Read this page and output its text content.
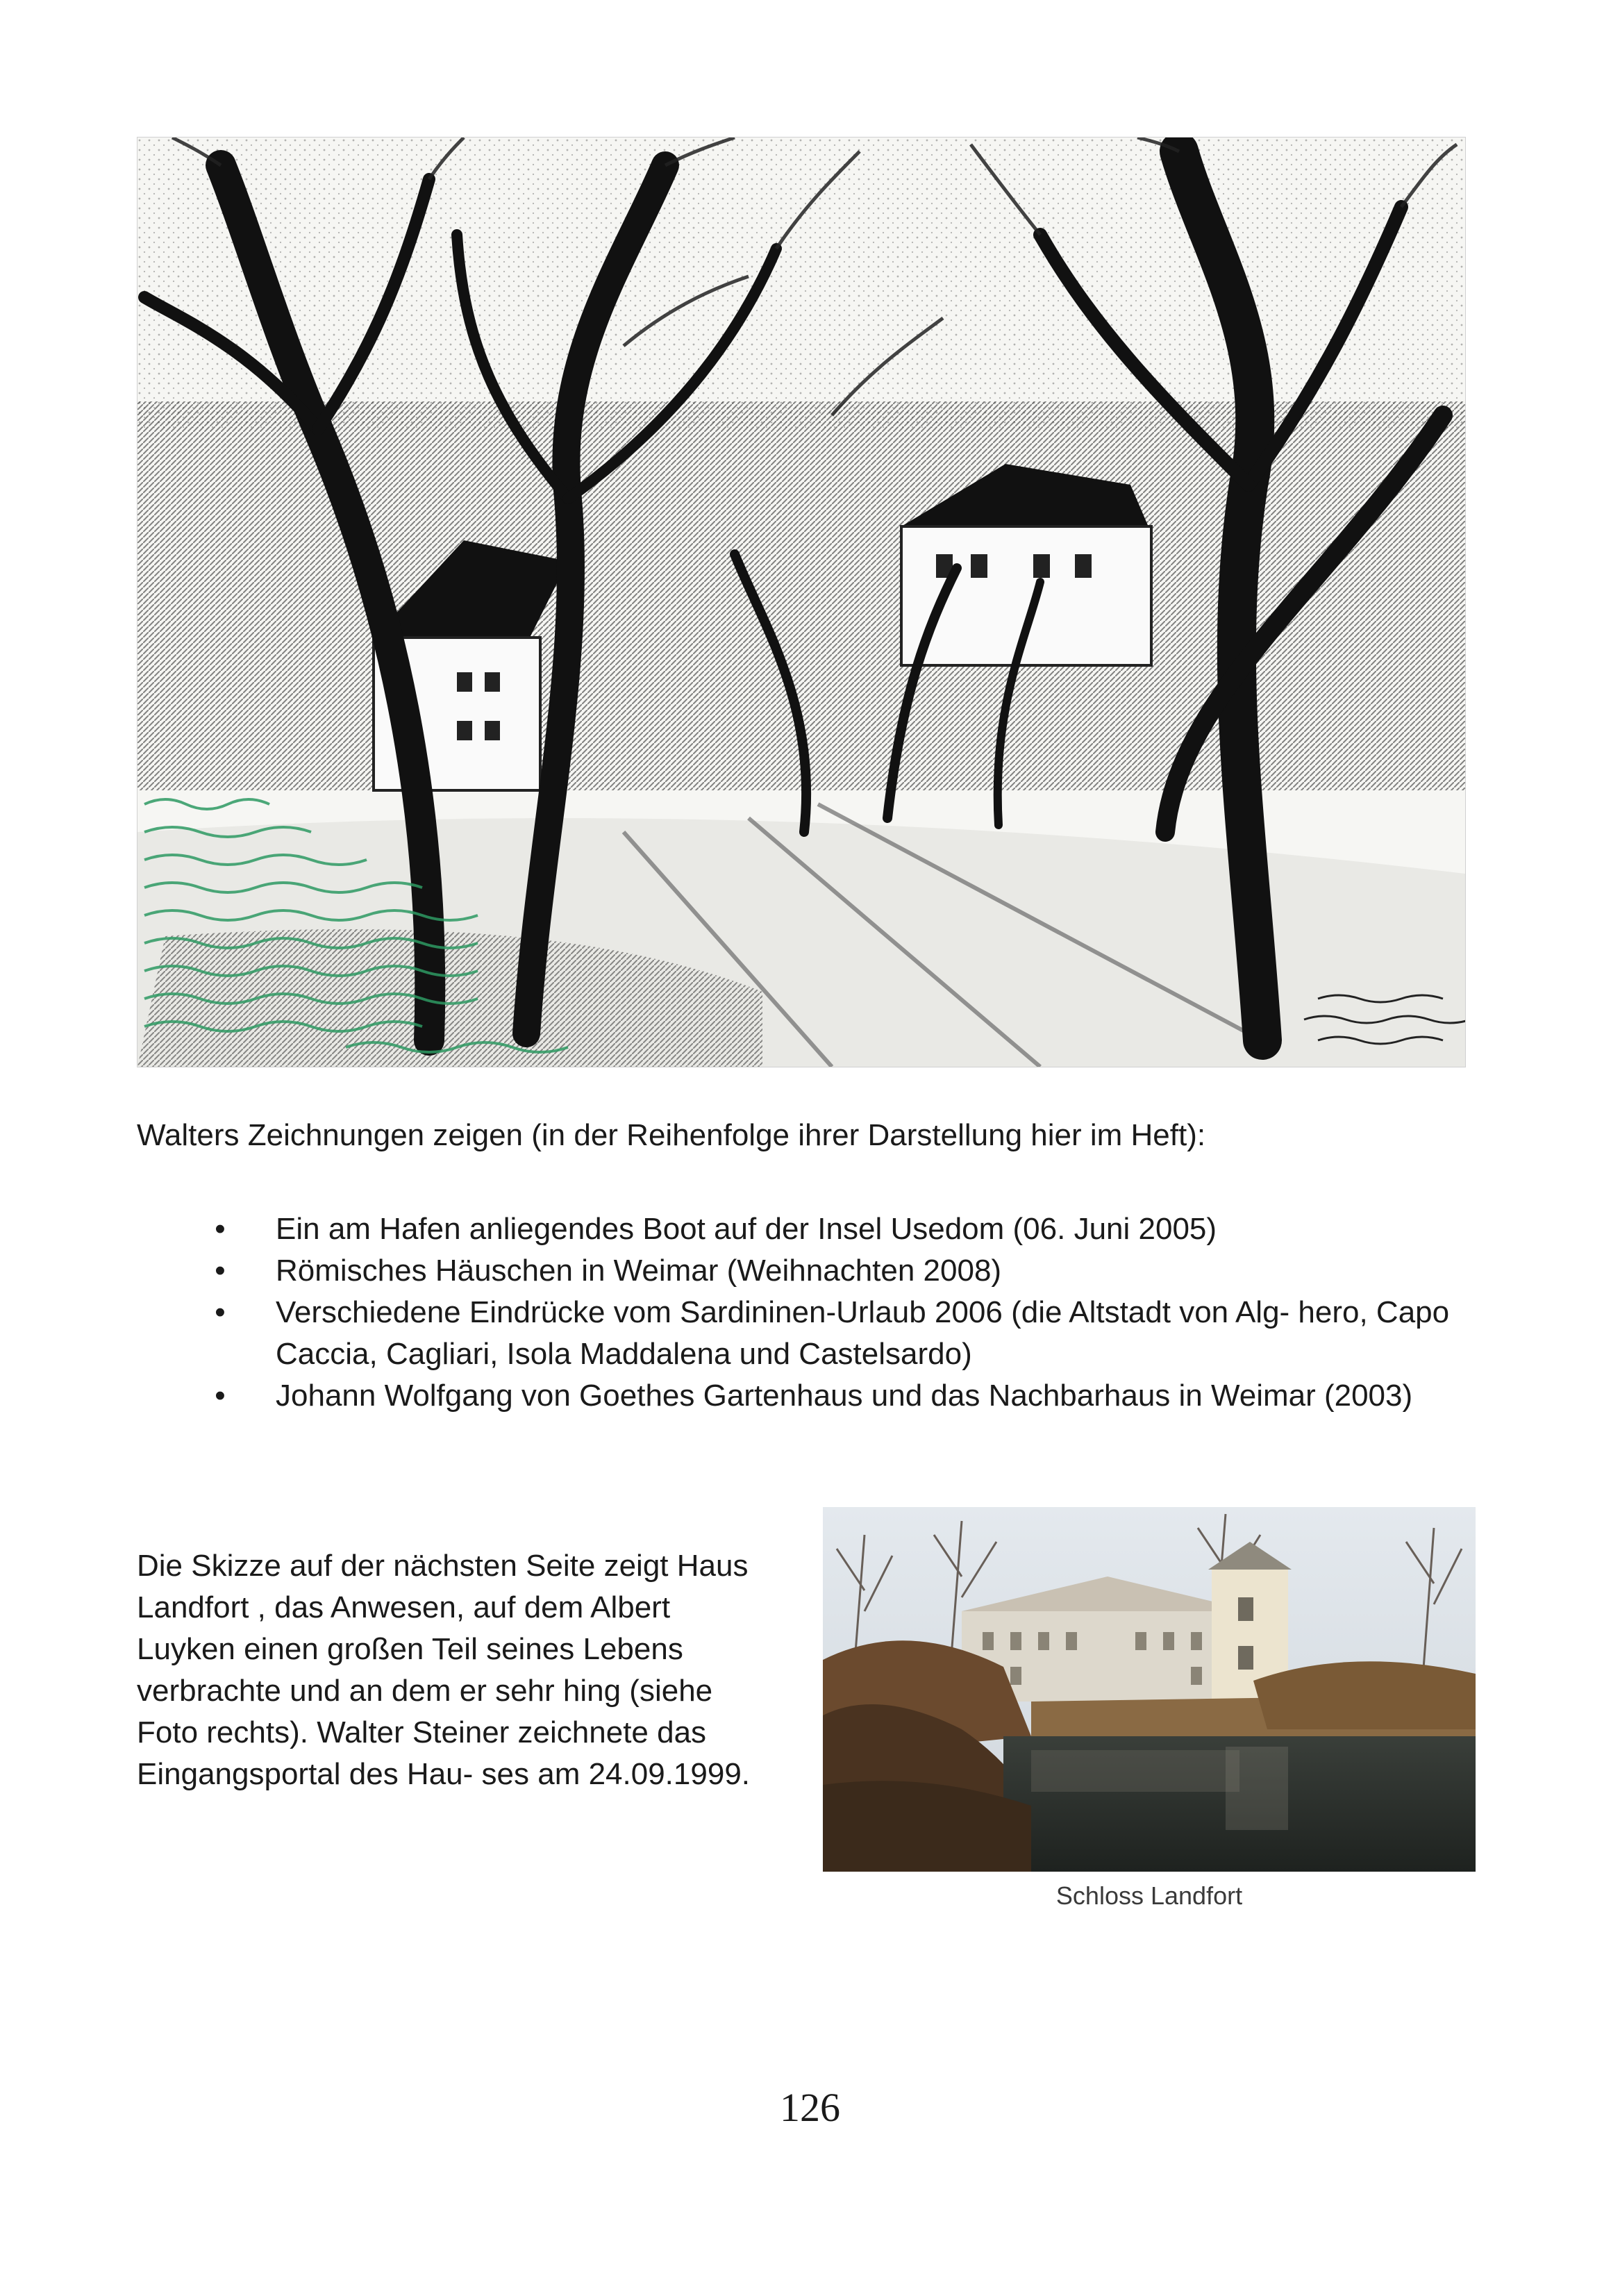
Walters Zeichnungen zeigen (in der Reihenfolge ihrer Darstellung hier im Heft):

• Ein am Hafen anliegendes Boot auf der Insel Usedom (06. Juni 2005)
• Römisches Häuschen in Weimar (Weihnachten 2008)
• Verschiedene Eindrücke vom Sardininen-Urlaub 2006 (die Altstadt von Alg- hero, Capo Caccia, Cagliari, Isola Maddalena und Castelsardo)
• Johann Wolfgang von Goethes Gartenhaus und das Nachbarhaus in Weimar (2003)

Die Skizze auf der nächsten Seite zeigt Haus Landfort , das Anwesen, auf dem Albert Luyken einen großen Teil seines Lebens verbrachte und an dem er sehr hing (siehe Foto rechts). Walter Steiner zeichnete das Eingangsportal des Hau- ses am 24.09.1999.

Schloss Landfort

126
